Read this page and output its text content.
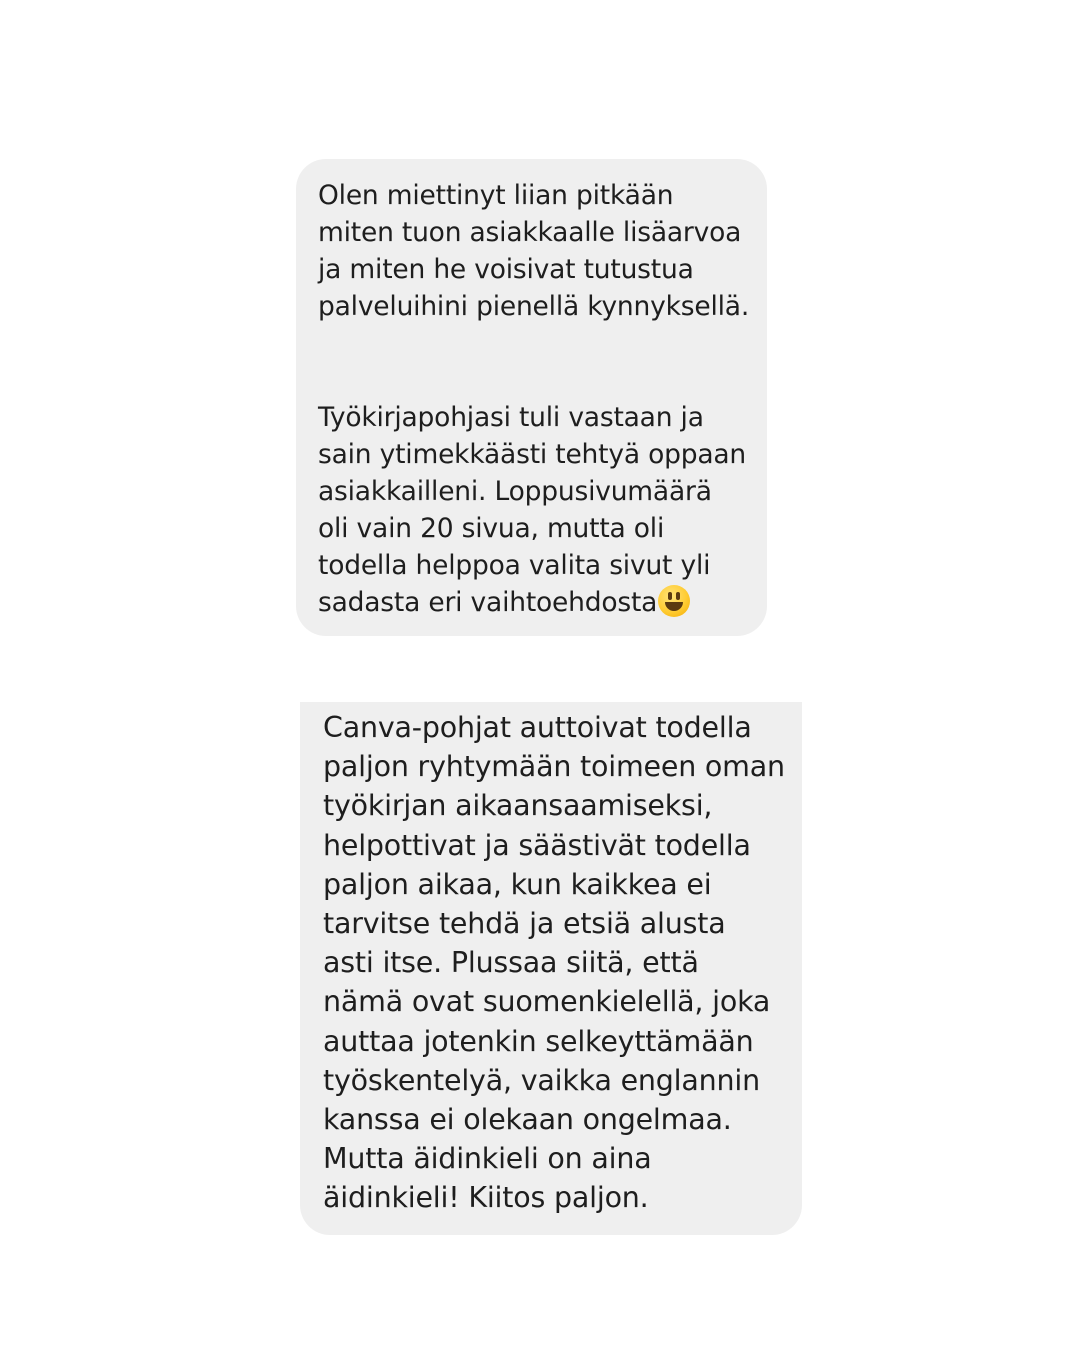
Olen miettinyt liian pitkään
miten tuon asiakkaalle lisäarvoa
ja miten he voisivat tutustua
palveluihini pienellä kynnyksellä.

Työkirjapohjasi tuli vastaan ja
sain ytimekkäästi tehtyä oppaan
asiakkailleni. Loppusivumäärä
oli vain 20 sivua, mutta oli
todella helppoa valita sivut yli
sadasta eri vaihtoehdosta

Canva-pohjat auttoivat todella
paljon ryhtymään toimeen oman
työkirjan aikaansaamiseksi,
helpottivat ja säästivät todella
paljon aikaa, kun kaikkea ei
tarvitse tehdä ja etsiä alusta
asti itse. Plussaa siitä, että
nämä ovat suomenkielellä, joka
auttaa jotenkin selkeyttämään
työskentelyä, vaikka englannin
kanssa ei olekaan ongelmaa.
Mutta äidinkieli on aina
äidinkieli! Kiitos paljon.
